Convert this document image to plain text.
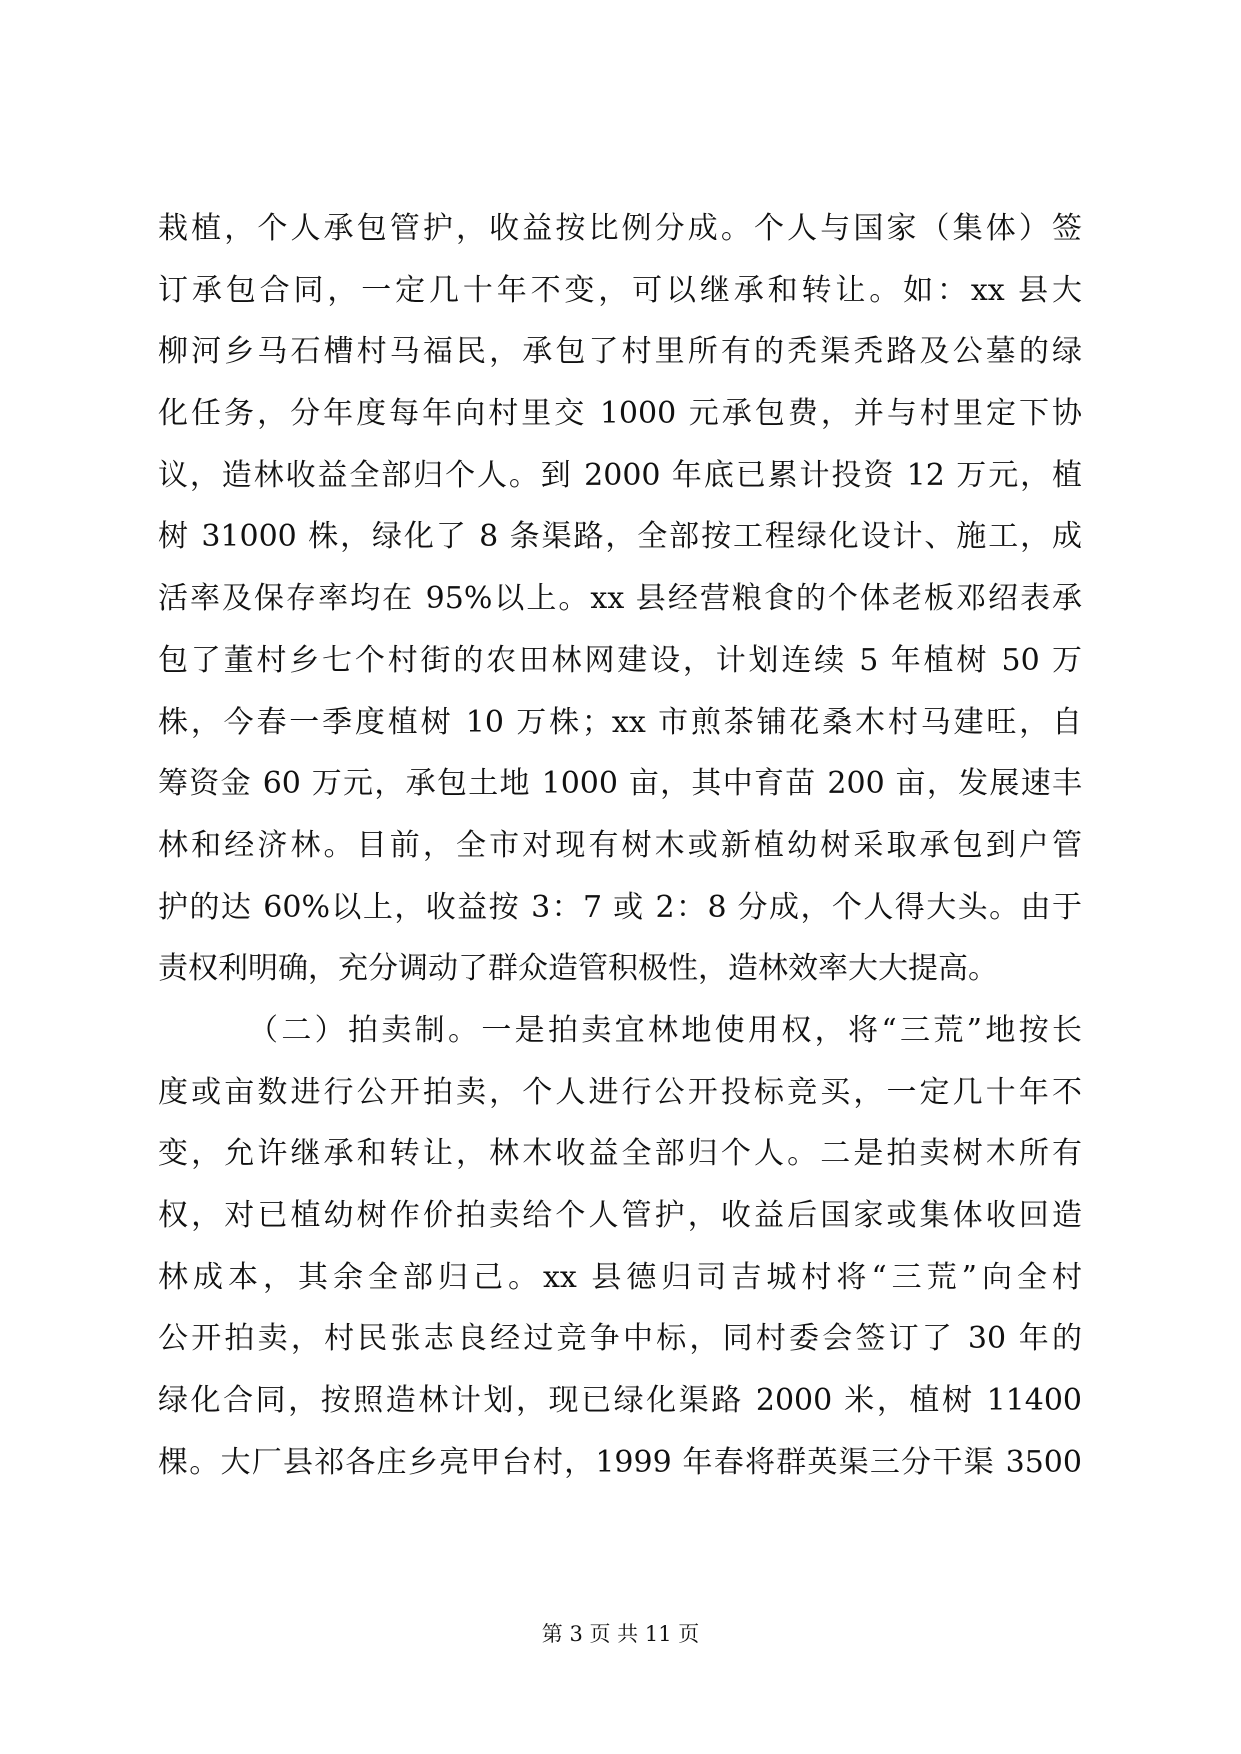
栽植，个人承包管护，收益按比例分成。个人与国家（集体）签
订承包合同，一定几十年不变，可以继承和转让。如：xx 县大
柳河乡马石槽村马福民，承包了村里所有的秃渠秃路及公墓的绿
化任务，分年度每年向村里交 1000 元承包费，并与村里定下协
议，造林收益全部归个人。到 2000 年底已累计投资 12 万元，植
树 31000 株，绿化了 8 条渠路，全部按工程绿化设计、施工，成
活率及保存率均在 95%以上。xx 县经营粮食的个体老板邓绍表承
包了董村乡七个村街的农田林网建设，计划连续 5 年植树 50 万
株，今春一季度植树 10 万株；xx 市煎茶铺花桑木村马建旺，自
筹资金 60 万元，承包土地 1000 亩，其中育苗 200 亩，发展速丰
林和经济林。目前，全市对现有树木或新植幼树采取承包到户管
护的达 60%以上，收益按 3：7 或 2：8 分成，个人得大头。由于
责权利明确，充分调动了群众造管积极性，造林效率大大提高。
（二）拍卖制。一是拍卖宜林地使用权，将“三荒”地按长
度或亩数进行公开拍卖，个人进行公开投标竞买，一定几十年不
变，允许继承和转让，林木收益全部归个人。二是拍卖树木所有
权，对已植幼树作价拍卖给个人管护，收益后国家或集体收回造
林成本，其余全部归己。xx 县德归司吉城村将“三荒”向全村
公开拍卖，村民张志良经过竞争中标，同村委会签订了 30 年的
绿化合同，按照造林计划，现已绿化渠路 2000 米，植树 11400
棵。大厂县祁各庄乡亮甲台村，1999 年春将群英渠三分干渠 3500
第 3 页 共 11 页
